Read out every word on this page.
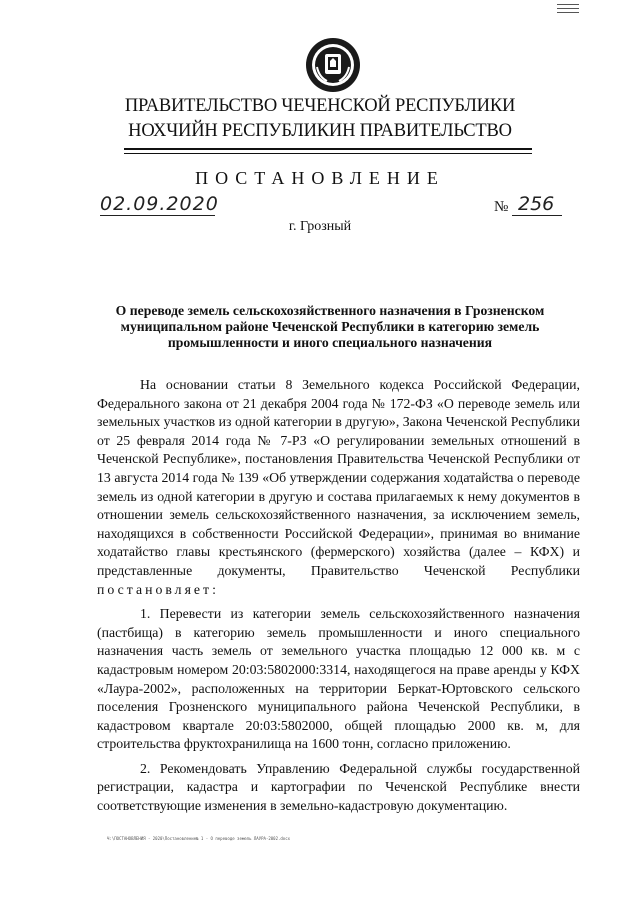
ПРАВИТЕЛЬСТВО ЧЕЧЕНСКОЙ РЕСПУБЛИКИ
НОХЧИЙН РЕСПУБЛИКИН ПРАВИТЕЛЬСТВО
ПОСТАНОВЛЕНИЕ
02.09.2020	№ 256
г. Грозный
О переводе земель сельскохозяйственного назначения в Грозненском муниципальном районе Чеченской Республики в категорию земель промышленности и иного специального назначения

На основании статьи 8 Земельного кодекса Российской Федерации, Федерального закона от 21 декабря 2004 года № 172-ФЗ «О переводе земель или земельных участков из одной категории в другую», Закона Чеченской Республики от 25 февраля 2014 года № 7-РЗ «О регулировании земельных отношений в Чеченской Республике», постановления Правительства Чеченской Республики от 13 августа 2014 года № 139 «Об утверждении содержания ходатайства о переводе земель из одной категории в другую и состава прилагаемых к нему документов в отношении земель сельскохозяйственного назначения, за исключением земель, находящихся в собственности Российской Федерации», принимая во внимание ходатайство главы крестьянского (фермерского) хозяйства (далее – КФХ) и представленные документы, Правительство Чеченской Республики постановляет:

1. Перевести из категории земель сельскохозяйственного назначения (пастбища) в категорию земель промышленности и иного специального назначения часть земель от земельного участка площадью 12 000 кв. м с кадастровым номером 20:03:5802000:3314, находящегося на праве аренды у КФХ «Лаура-2002», расположенных на территории Беркат-Юртовского сельского поселения Грозненского муниципального района Чеченской Республики, в кадастровом квартале 20:03:5802000, общей площадью 2000 кв. м, для строительства фруктохранилища на 1600 тонн, согласно приложению.

2. Рекомендовать Управлению Федеральной службы государственной регистрации, кадастра и картографии по Чеченской Республике внести соответствующие изменения в земельно-кадастровую документацию.

Ч:\ПОСТАНОВЛЕНИЯ - 2020\Постановление№ 1 - О переводе земель ЛАУРА-2002.docx
